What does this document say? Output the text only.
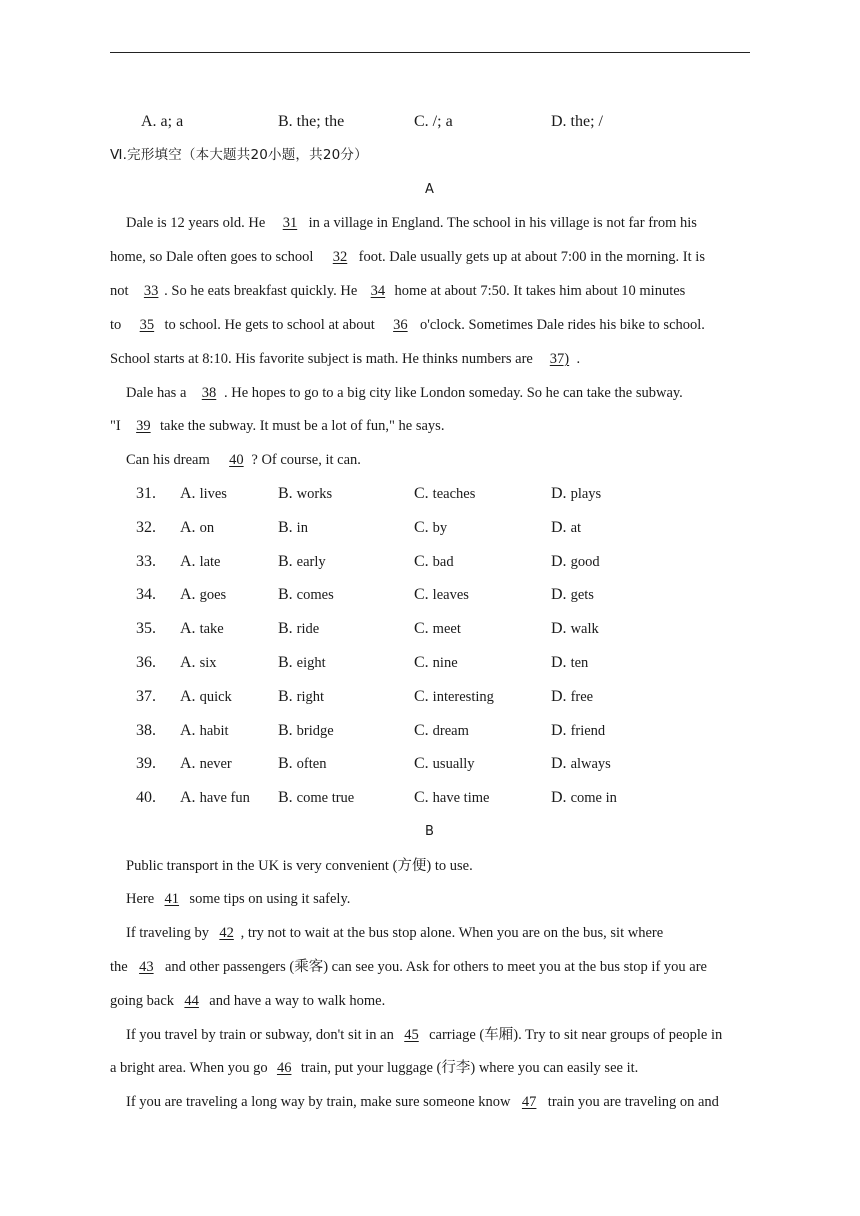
A. a; a	B. the; the	C. /; a	D. the; /
Ⅵ.完形填空（本大题共20小题，共20分）
A
Dale is 12 years old. He 31 in a village in England. The school in his village is not far from his
home, so Dale often goes to school 32 foot. Dale usually gets up at about 7:00 in the morning. It is
not 33 . So he eats breakfast quickly. He 34 home at about 7:50. It takes him about 10 minutes
to 35 to school. He gets to school at about 36 o'clock. Sometimes Dale rides his bike to school.
School starts at 8:10. His favorite subject is math. He thinks numbers are 37) .
Dale has a 38 . He hopes to go to a big city like London someday. So he can take the subway.
"I 39 take the subway. It must be a lot of fun," he says.
Can his dream 40 ? Of course, it can.
31. A. lives	B. works	C. teaches	D. plays
32. A. on	B. in	C. by	D. at
33. A. late	B. early	C. bad	D. good
34. A. goes	B. comes	C. leaves	D. gets
35. A. take	B. ride	C. meet	D. walk
36. A. six	B. eight	C. nine	D. ten
37. A. quick	B. right	C. interesting	D. free
38. A. habit	B. bridge	C. dream	D. friend
39. A. never	B. often	C. usually	D. always
40. A. have fun B. come true	C. have time	D. come in
B
Public transport in the UK is very convenient (方便) to use.
Here 41 some tips on using it safely.
If traveling by 42 , try not to wait at the bus stop alone. When you are on the bus, sit where
the 43 and other passengers (乘客) can see you. Ask for others to meet you at the bus stop if you are
going back 44 and have a way to walk home.
If you travel by train or subway, don't sit in an 45 carriage (车厢). Try to sit near groups of people in
a bright area. When you go 46 train, put your luggage (行李) where you can easily see it.
If you are traveling a long way by train, make sure someone know 47 train you are traveling on and
